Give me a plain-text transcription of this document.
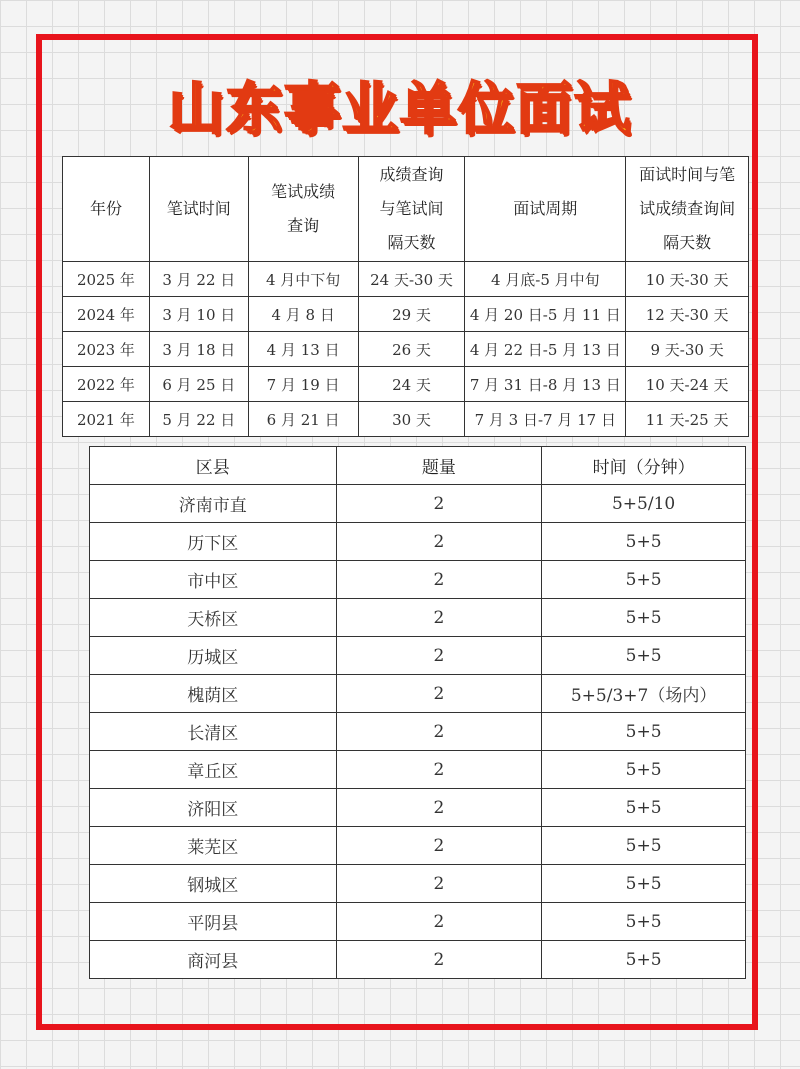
山东事业单位面试
年份	笔试时间	笔试成绩查询	成绩查询与笔试间隔天数	面试周期	面试时间与笔试成绩查询间隔天数
2025 年	3 月 22 日	4 月中下旬	24 天-30 天	4 月底-5 月中旬	10 天-30 天
2024 年	3 月 10 日	4 月 8 日	29 天	4 月 20 日-5 月 11 日	12 天-30 天
2023 年	3 月 18 日	4 月 13 日	26 天	4 月 22 日-5 月 13 日	9 天-30 天
2022 年	6 月 25 日	7 月 19 日	24 天	7 月 31 日-8 月 13 日	10 天-24 天
2021 年	5 月 22 日	6 月 21 日	30 天	7 月 3 日-7 月 17 日	11 天-25 天
区县	题量	时间（分钟）
济南市直	2	5+5/10
历下区	2	5+5
市中区	2	5+5
天桥区	2	5+5
历城区	2	5+5
槐荫区	2	5+5/3+7（场内）
长清区	2	5+5
章丘区	2	5+5
济阳区	2	5+5
莱芜区	2	5+5
钢城区	2	5+5
平阴县	2	5+5
商河县	2	5+5
